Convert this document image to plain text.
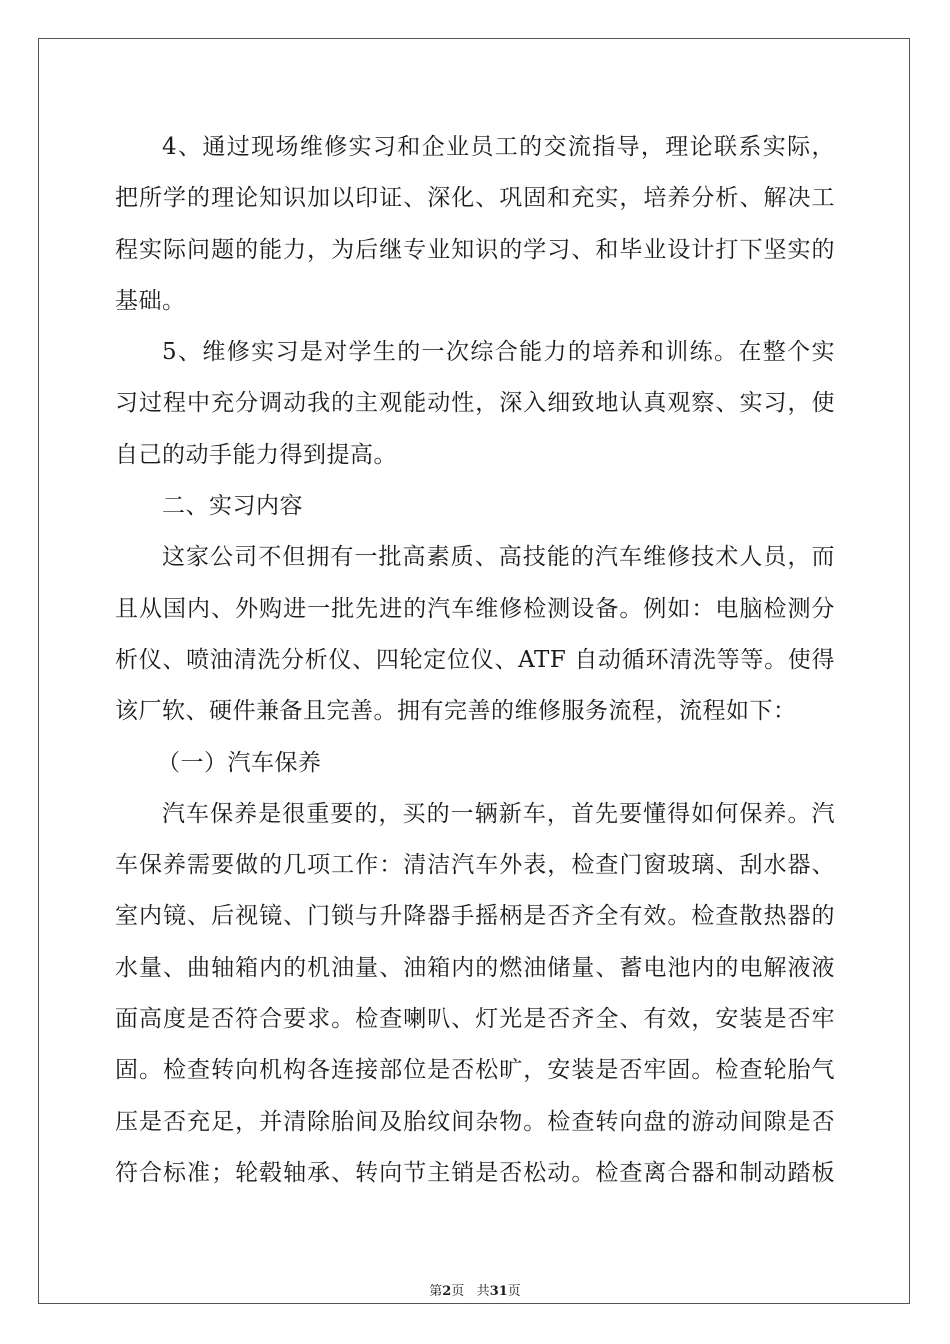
4、通过现场维修实习和企业员工的交流指导，理论联系实际，
把所学的理论知识加以印证、深化、巩固和充实，培养分析、解决工
程实际问题的能力，为后继专业知识的学习、和毕业设计打下坚实的
基础。
5、维修实习是对学生的一次综合能力的培养和训练。在整个实
习过程中充分调动我的主观能动性，深入细致地认真观察、实习，使
自己的动手能力得到提高。
二、实习内容
这家公司不但拥有一批高素质、高技能的汽车维修技术人员，而
且从国内、外购进一批先进的汽车维修检测设备。例如：电脑检测分
析仪、喷油清洗分析仪、四轮定位仪、ATF 自动循环清洗等等。使得
该厂软、硬件兼备且完善。拥有完善的维修服务流程，流程如下：
（一）汽车保养
汽车保养是很重要的，买的一辆新车，首先要懂得如何保养。汽
车保养需要做的几项工作：清洁汽车外表，检查门窗玻璃、刮水器、
室内镜、后视镜、门锁与升降器手摇柄是否齐全有效。检查散热器的
水量、曲轴箱内的机油量、油箱内的燃油储量、蓄电池内的电解液液
面高度是否符合要求。检查喇叭、灯光是否齐全、有效，安装是否牢
固。检查转向机构各连接部位是否松旷，安装是否牢固。检查轮胎气
压是否充足，并清除胎间及胎纹间杂物。检查转向盘的游动间隙是否
符合标准；轮毂轴承、转向节主销是否松动。检查离合器和制动踏板
第2页 共31页
